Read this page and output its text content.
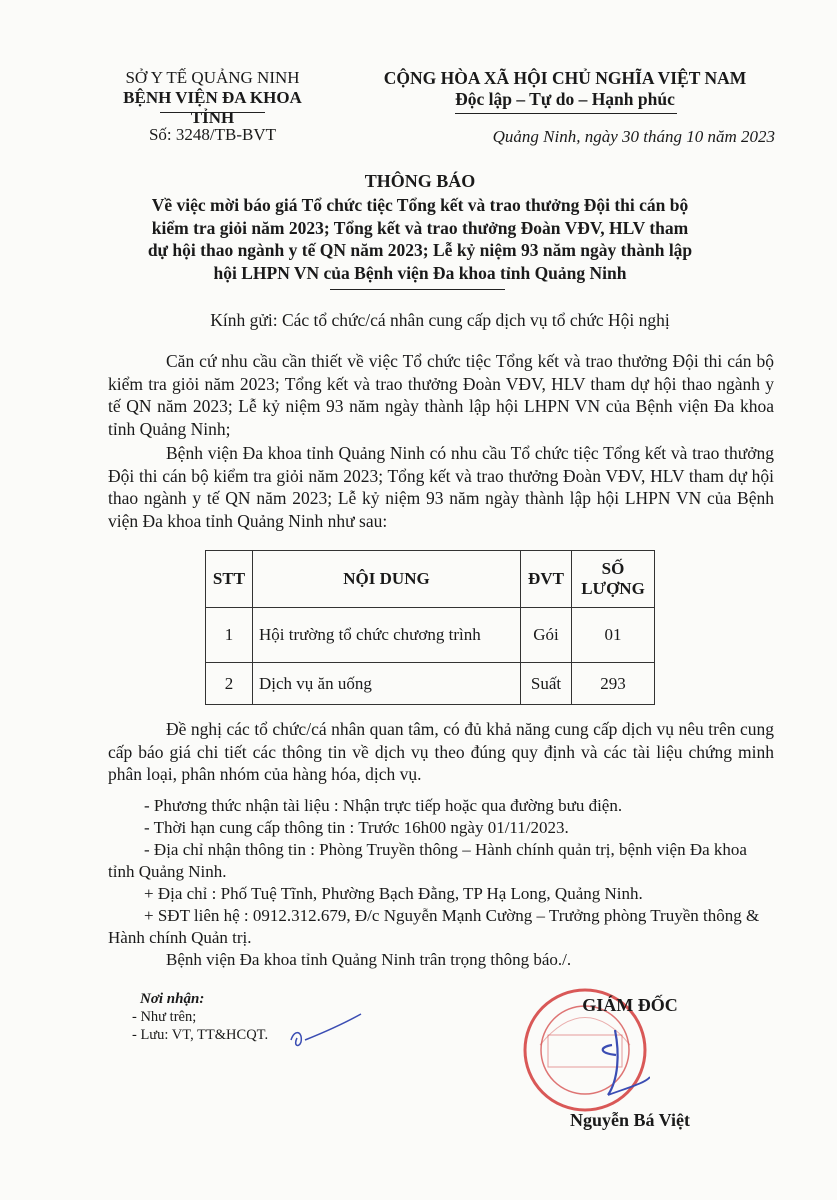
SỞ Y TẾ QUẢNG NINH
BỆNH VIỆN ĐA KHOA TỈNH
CỘNG HÒA XÃ HỘI CHỦ NGHĨA VIỆT NAM
Độc lập – Tự do – Hạnh phúc
Số: 3248/TB-BVT	Quảng Ninh, ngày 30 tháng 10 năm 2023
THÔNG BÁO
Về việc mời báo giá Tổ chức tiệc Tổng kết và trao thưởng Đội thi cán bộ
kiểm tra giỏi năm 2023; Tổng kết và trao thưởng Đoàn VĐV, HLV tham
dự hội thao ngành y tế QN năm 2023; Lễ kỷ niệm 93 năm ngày thành lập
hội LHPN VN của Bệnh viện Đa khoa tỉnh Quảng Ninh
Kính gửi: Các tổ chức/cá nhân cung cấp dịch vụ tổ chức Hội nghị
Căn cứ nhu cầu cần thiết về việc Tổ chức tiệc Tổng kết và trao thưởng Đội thi cán bộ kiểm tra giỏi năm 2023; Tổng kết và trao thưởng Đoàn VĐV, HLV tham dự hội thao ngành y tế QN năm 2023; Lễ kỷ niệm 93 năm ngày thành lập hội LHPN VN của Bệnh viện Đa khoa tỉnh Quảng Ninh;
Bệnh viện Đa khoa tỉnh Quảng Ninh có nhu cầu Tổ chức tiệc Tổng kết và trao thưởng Đội thi cán bộ kiểm tra giỏi năm 2023; Tổng kết và trao thưởng Đoàn VĐV, HLV tham dự hội thao ngành y tế QN năm 2023; Lễ kỷ niệm 93 năm ngày thành lập hội LHPN VN của Bệnh viện Đa khoa tỉnh Quảng Ninh như sau:
STT	NỘI DUNG	ĐVT	SỐ LƯỢNG
1	Hội trường tổ chức chương trình	Gói	01
2	Dịch vụ ăn uống	Suất	293
Đề nghị các tổ chức/cá nhân quan tâm, có đủ khả năng cung cấp dịch vụ nêu trên cung cấp báo giá chi tiết các thông tin về dịch vụ theo đúng quy định và các tài liệu chứng minh phân loại, phân nhóm của hàng hóa, dịch vụ.
- Phương thức nhận tài liệu : Nhận trực tiếp hoặc qua đường bưu điện.
- Thời hạn cung cấp thông tin : Trước 16h00 ngày 01/11/2023.
- Địa chỉ nhận thông tin : Phòng Truyền thông – Hành chính quản trị, bệnh viện Đa khoa tỉnh Quảng Ninh.
+ Địa chỉ : Phố Tuệ Tĩnh, Phường Bạch Đằng, TP Hạ Long, Quảng Ninh.
+ SĐT liên hệ : 0912.312.679, Đ/c Nguyễn Mạnh Cường – Trưởng phòng Truyền thông & Hành chính Quản trị.
Bệnh viện Đa khoa tỉnh Quảng Ninh trân trọng thông báo./.
Nơi nhận:
- Như trên;
- Lưu: VT, TT&HCQT.
GIÁM ĐỐC
Nguyễn Bá Việt
